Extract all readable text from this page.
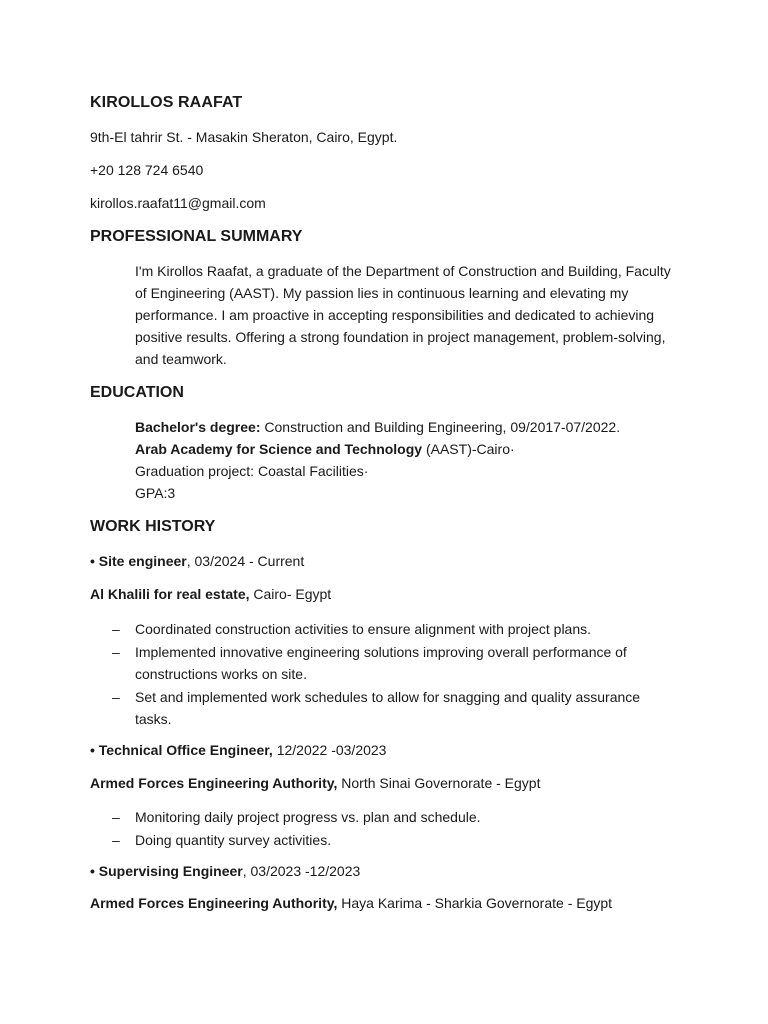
KIROLLOS RAAFAT
9th-El tahrir St. - Masakin Sheraton, Cairo, Egypt.
+20 128 724 6540
kirollos.raafat11@gmail.com
PROFESSIONAL SUMMARY
I'm Kirollos Raafat, a graduate of the Department of Construction and Building, Faculty of Engineering (AAST). My passion lies in continuous learning and elevating my performance. I am proactive in accepting responsibilities and dedicated to achieving positive results. Offering a strong foundation in project management, problem-solving, and teamwork.
EDUCATION
Bachelor's degree: Construction and Building Engineering, 09/2017-07/2022.
Arab Academy for Science and Technology (AAST)-Cairo·
Graduation project: Coastal Facilities·
GPA:3
WORK HISTORY
• Site engineer, 03/2024 - Current
Al Khalili for real estate, Cairo- Egypt
– Coordinated construction activities to ensure alignment with project plans.
– Implemented innovative engineering solutions improving overall performance of constructions works on site.
– Set and implemented work schedules to allow for snagging and quality assurance tasks.
• Technical Office Engineer, 12/2022 -03/2023
Armed Forces Engineering Authority, North Sinai Governorate - Egypt
– Monitoring daily project progress vs. plan and schedule.
– Doing quantity survey activities.
• Supervising Engineer, 03/2023 -12/2023
Armed Forces Engineering Authority, Haya Karima - Sharkia Governorate - Egypt
